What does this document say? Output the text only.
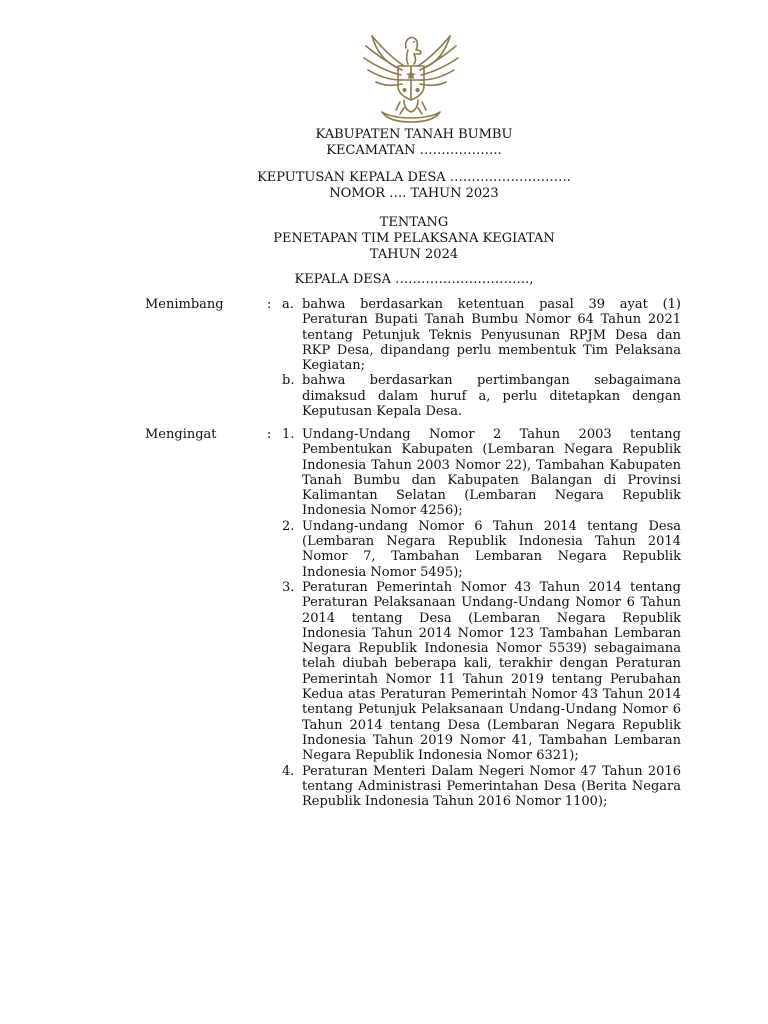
KABUPATEN TANAH BUMBU
KECAMATAN ……………….
KEPUTUSAN KEPALA DESA ……………………….
NOMOR …. TAHUN 2023
TENTANG
PENETAPAN TIM PELAKSANA KEGIATAN
TAHUN 2024
KEPALA DESA ………………………….,
Menimbang	: a. bahwa berdasarkan ketentuan pasal 39 ayat (1) Peraturan Bupati Tanah Bumbu Nomor 64 Tahun 2021 tentang Petunjuk Teknis Penyusunan RPJM Desa dan RKP Desa, dipandang perlu membentuk Tim Pelaksana Kegiatan;
b. bahwa berdasarkan pertimbangan sebagaimana dimaksud dalam huruf a, perlu ditetapkan dengan Keputusan Kepala Desa.
Mengingat	: 1. Undang-Undang Nomor 2 Tahun 2003 tentang Pembentukan Kabupaten (Lembaran Negara Republik Indonesia Tahun 2003 Nomor 22), Tambahan Kabupaten Tanah Bumbu dan Kabupaten Balangan di Provinsi Kalimantan Selatan (Lembaran Negara Republik Indonesia Nomor 4256);
2. Undang-undang Nomor 6 Tahun 2014 tentang Desa (Lembaran Negara Republik Indonesia Tahun 2014 Nomor 7, Tambahan Lembaran Negara Republik Indonesia Nomor 5495);
3. Peraturan Pemerintah Nomor 43 Tahun 2014 tentang Peraturan Pelaksanaan Undang-Undang Nomor 6 Tahun 2014 tentang Desa (Lembaran Negara Republik Indonesia Tahun 2014 Nomor 123 Tambahan Lembaran Negara Republik Indonesia Nomor 5539) sebagaimana telah diubah beberapa kali, terakhir dengan Peraturan Pemerintah Nomor 11 Tahun 2019 tentang Perubahan Kedua atas Peraturan Pemerintah Nomor 43 Tahun 2014 tentang Petunjuk Pelaksanaan Undang-Undang Nomor 6 Tahun 2014 tentang Desa (Lembaran Negara Republik Indonesia Tahun 2019 Nomor 41, Tambahan Lembaran Negara Republik Indonesia Nomor 6321);
4. Peraturan Menteri Dalam Negeri Nomor 47 Tahun 2016 tentang Administrasi Pemerintahan Desa (Berita Negara Republik Indonesia Tahun 2016 Nomor 1100);
